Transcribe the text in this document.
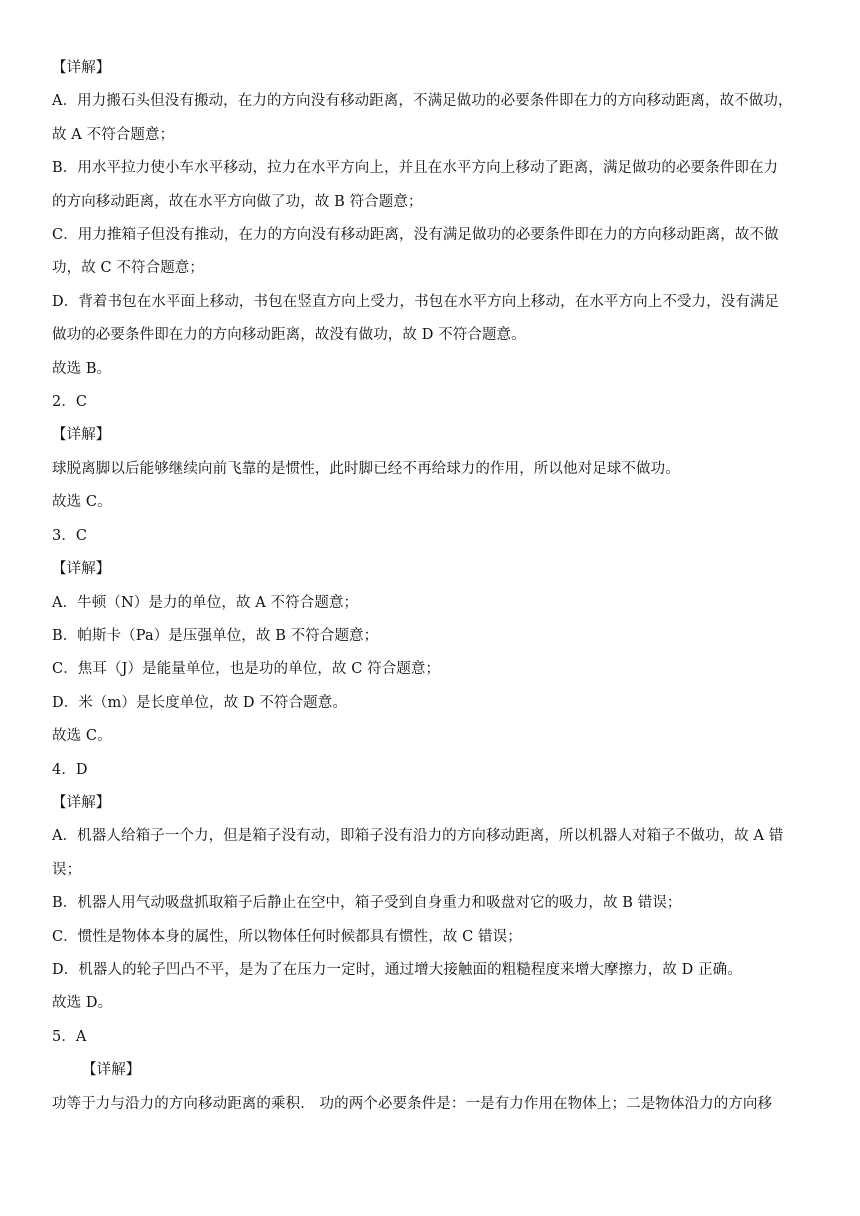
【详解】
A．用力搬石头但没有搬动，在力的方向没有移动距离，不满足做功的必要条件即在力的方向移动距离，故不做功，
故 A 不符合题意；
B．用水平拉力使小车水平移动，拉力在水平方向上，并且在水平方向上移动了距离，满足做功的必要条件即在力
的方向移动距离，故在水平方向做了功，故 B 符合题意；
C．用力推箱子但没有推动，在力的方向没有移动距离，没有满足做功的必要条件即在力的方向移动距离，故不做
功，故 C 不符合题意；
D．背着书包在水平面上移动，书包在竖直方向上受力，书包在水平方向上移动，在水平方向上不受力，没有满足
做功的必要条件即在力的方向移动距离，故没有做功，故 D 不符合题意。
故选 B。
2．C
【详解】
球脱离脚以后能够继续向前飞靠的是惯性，此时脚已经不再给球力的作用，所以他对足球不做功。
故选 C。
3．C
【详解】
A．牛顿（N）是力的单位，故 A 不符合题意；
B．帕斯卡（Pa）是压强单位，故 B 不符合题意；
C．焦耳（J）是能量单位，也是功的单位，故 C 符合题意；
D．米（m）是长度单位，故 D 不符合题意。
故选 C。
4．D
【详解】
A．机器人给箱子一个力，但是箱子没有动，即箱子没有沿力的方向移动距离，所以机器人对箱子不做功，故 A 错
误；
B．机器人用气动吸盘抓取箱子后静止在空中，箱子受到自身重力和吸盘对它的吸力，故 B 错误；
C．惯性是物体本身的属性，所以物体任何时候都具有惯性，故 C 错误；
D．机器人的轮子凹凸不平，是为了在压力一定时，通过增大接触面的粗糙程度来增大摩擦力，故 D 正确。
故选 D。
5．A
【详解】
功等于力与沿力的方向移动距离的乘积． 功的两个必要条件是：一是有力作用在物体上；二是物体沿力的方向移
